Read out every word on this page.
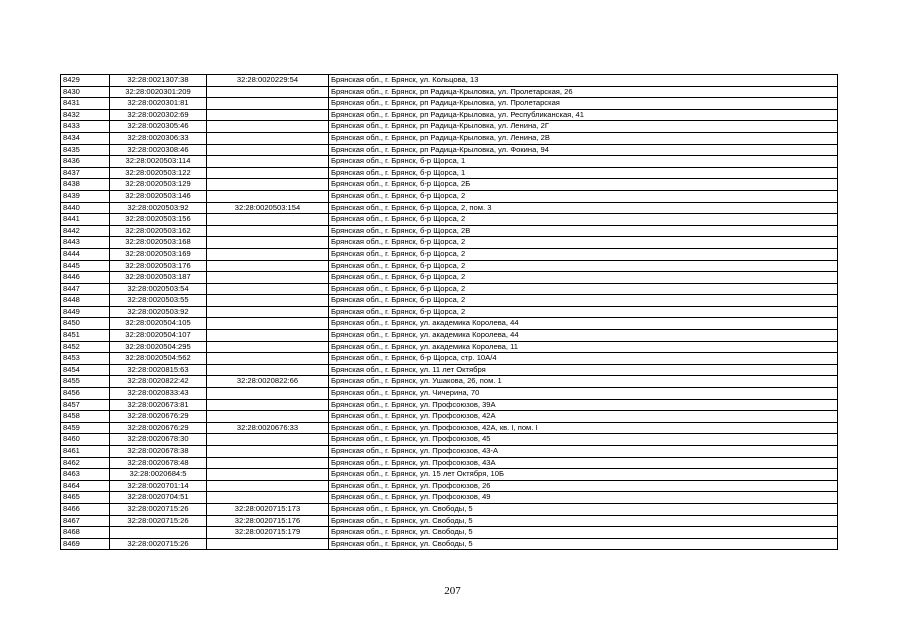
8429	32:28:0021307:38	32:28:0020229:54	Брянская обл., г. Брянск, ул. Кольцова, 13
8430	32:28:0020301:209		Брянская обл., г. Брянск, рп Радица-Крыловка, ул. Пролетарская, 26
8431	32:28:0020301:81		Брянская обл., г. Брянск, рп Радица-Крыловка, ул. Пролетарская
8432	32:28:0020302:69		Брянская обл., г. Брянск, рп Радица-Крыловка, ул. Республиканская, 41
8433	32:28:0020305:46		Брянская обл., г. Брянск, рп Радица-Крыловка, ул. Ленина, 2Г
8434	32:28:0020306:33		Брянская обл., г. Брянск, рп Радица-Крыловка, ул. Ленина, 2В
8435	32:28:0020308:46		Брянская обл., г. Брянск, рп Радица-Крыловка, ул. Фокина, 94
8436	32:28:0020503:114		Брянская обл., г. Брянск, б-р Щорса, 1
8437	32:28:0020503:122		Брянская обл., г. Брянск, б-р Щорса, 1
8438	32:28:0020503:129		Брянская обл., г. Брянск, б-р Щорса, 2Б
8439	32:28:0020503:146		Брянская обл., г. Брянск, б-р Щорса, 2
8440	32:28:0020503:92	32:28:0020503:154	Брянская обл., г. Брянск, б-р Щорса, 2, пом. 3
8441	32:28:0020503:156		Брянская обл., г. Брянск, б-р Щорса, 2
8442	32:28:0020503:162		Брянская обл., г. Брянск, б-р Щорса, 2В
8443	32:28:0020503:168		Брянская обл., г. Брянск, б-р Щорса, 2
8444	32:28:0020503:169		Брянская обл., г. Брянск, б-р Щорса, 2
8445	32:28:0020503:176		Брянская обл., г. Брянск, б-р Щорса, 2
8446	32:28:0020503:187		Брянская обл., г. Брянск, б-р Щорса, 2
8447	32:28:0020503:54		Брянская обл., г. Брянск, б-р Щорса, 2
8448	32:28:0020503:55		Брянская обл., г. Брянск, б-р Щорса, 2
8449	32:28:0020503:92		Брянская обл., г. Брянск, б-р Щорса, 2
8450	32:28:0020504:105		Брянская обл., г. Брянск, ул. академика Королева, 44
8451	32:28:0020504:107		Брянская обл., г. Брянск, ул. академика Королева, 44
8452	32:28:0020504:295		Брянская обл., г. Брянск, ул. академика Королева, 11
8453	32:28:0020504:562		Брянская обл., г. Брянск, б-р Щорса, стр. 10А/4
8454	32:28:0020815:63		Брянская обл., г. Брянск, ул. 11 лет Октября
8455	32:28:0020822:42	32:28:0020822:66	Брянская обл., г. Брянск, ул. Ушакова, 26, пом. 1
8456	32:28:0020833:43		Брянская обл., г. Брянск, ул. Чичерина, 70
8457	32:28:0020673:81		Брянская обл., г. Брянск, ул. Профсоюзов, 39А
8458	32:28:0020676:29		Брянская обл., г. Брянск, ул. Профсоюзов, 42А
8459	32:28:0020676:29	32:28:0020676:33	Брянская обл., г. Брянск, ул. Профсоюзов, 42А, кв. I, пом. I
8460	32:28:0020678:30		Брянская обл., г. Брянск, ул. Профсоюзов, 45
8461	32:28:0020678:38		Брянская обл., г. Брянск, ул. Профсоюзов, 43-А
8462	32:28:0020678:48		Брянская обл., г. Брянск, ул. Профсоюзов, 43А
8463	32:28:0020684:5		Брянская обл., г. Брянск, ул. 15 лет Октября, 10Б
8464	32:28:0020701:14		Брянская обл., г. Брянск, ул. Профсоюзов, 26
8465	32:28:0020704:51		Брянская обл., г. Брянск, ул. Профсоюзов, 49
8466	32:28:0020715:26	32:28:0020715:173	Брянская обл., г. Брянск, ул. Свободы, 5
8467	32:28:0020715:26	32:28:0020715:176	Брянская обл., г. Брянск, ул. Свободы, 5
8468		32:28:0020715:179	Брянская обл., г. Брянск, ул. Свободы, 5
8469	32:28:0020715:26		Брянская обл., г. Брянск, ул. Свободы, 5
207
